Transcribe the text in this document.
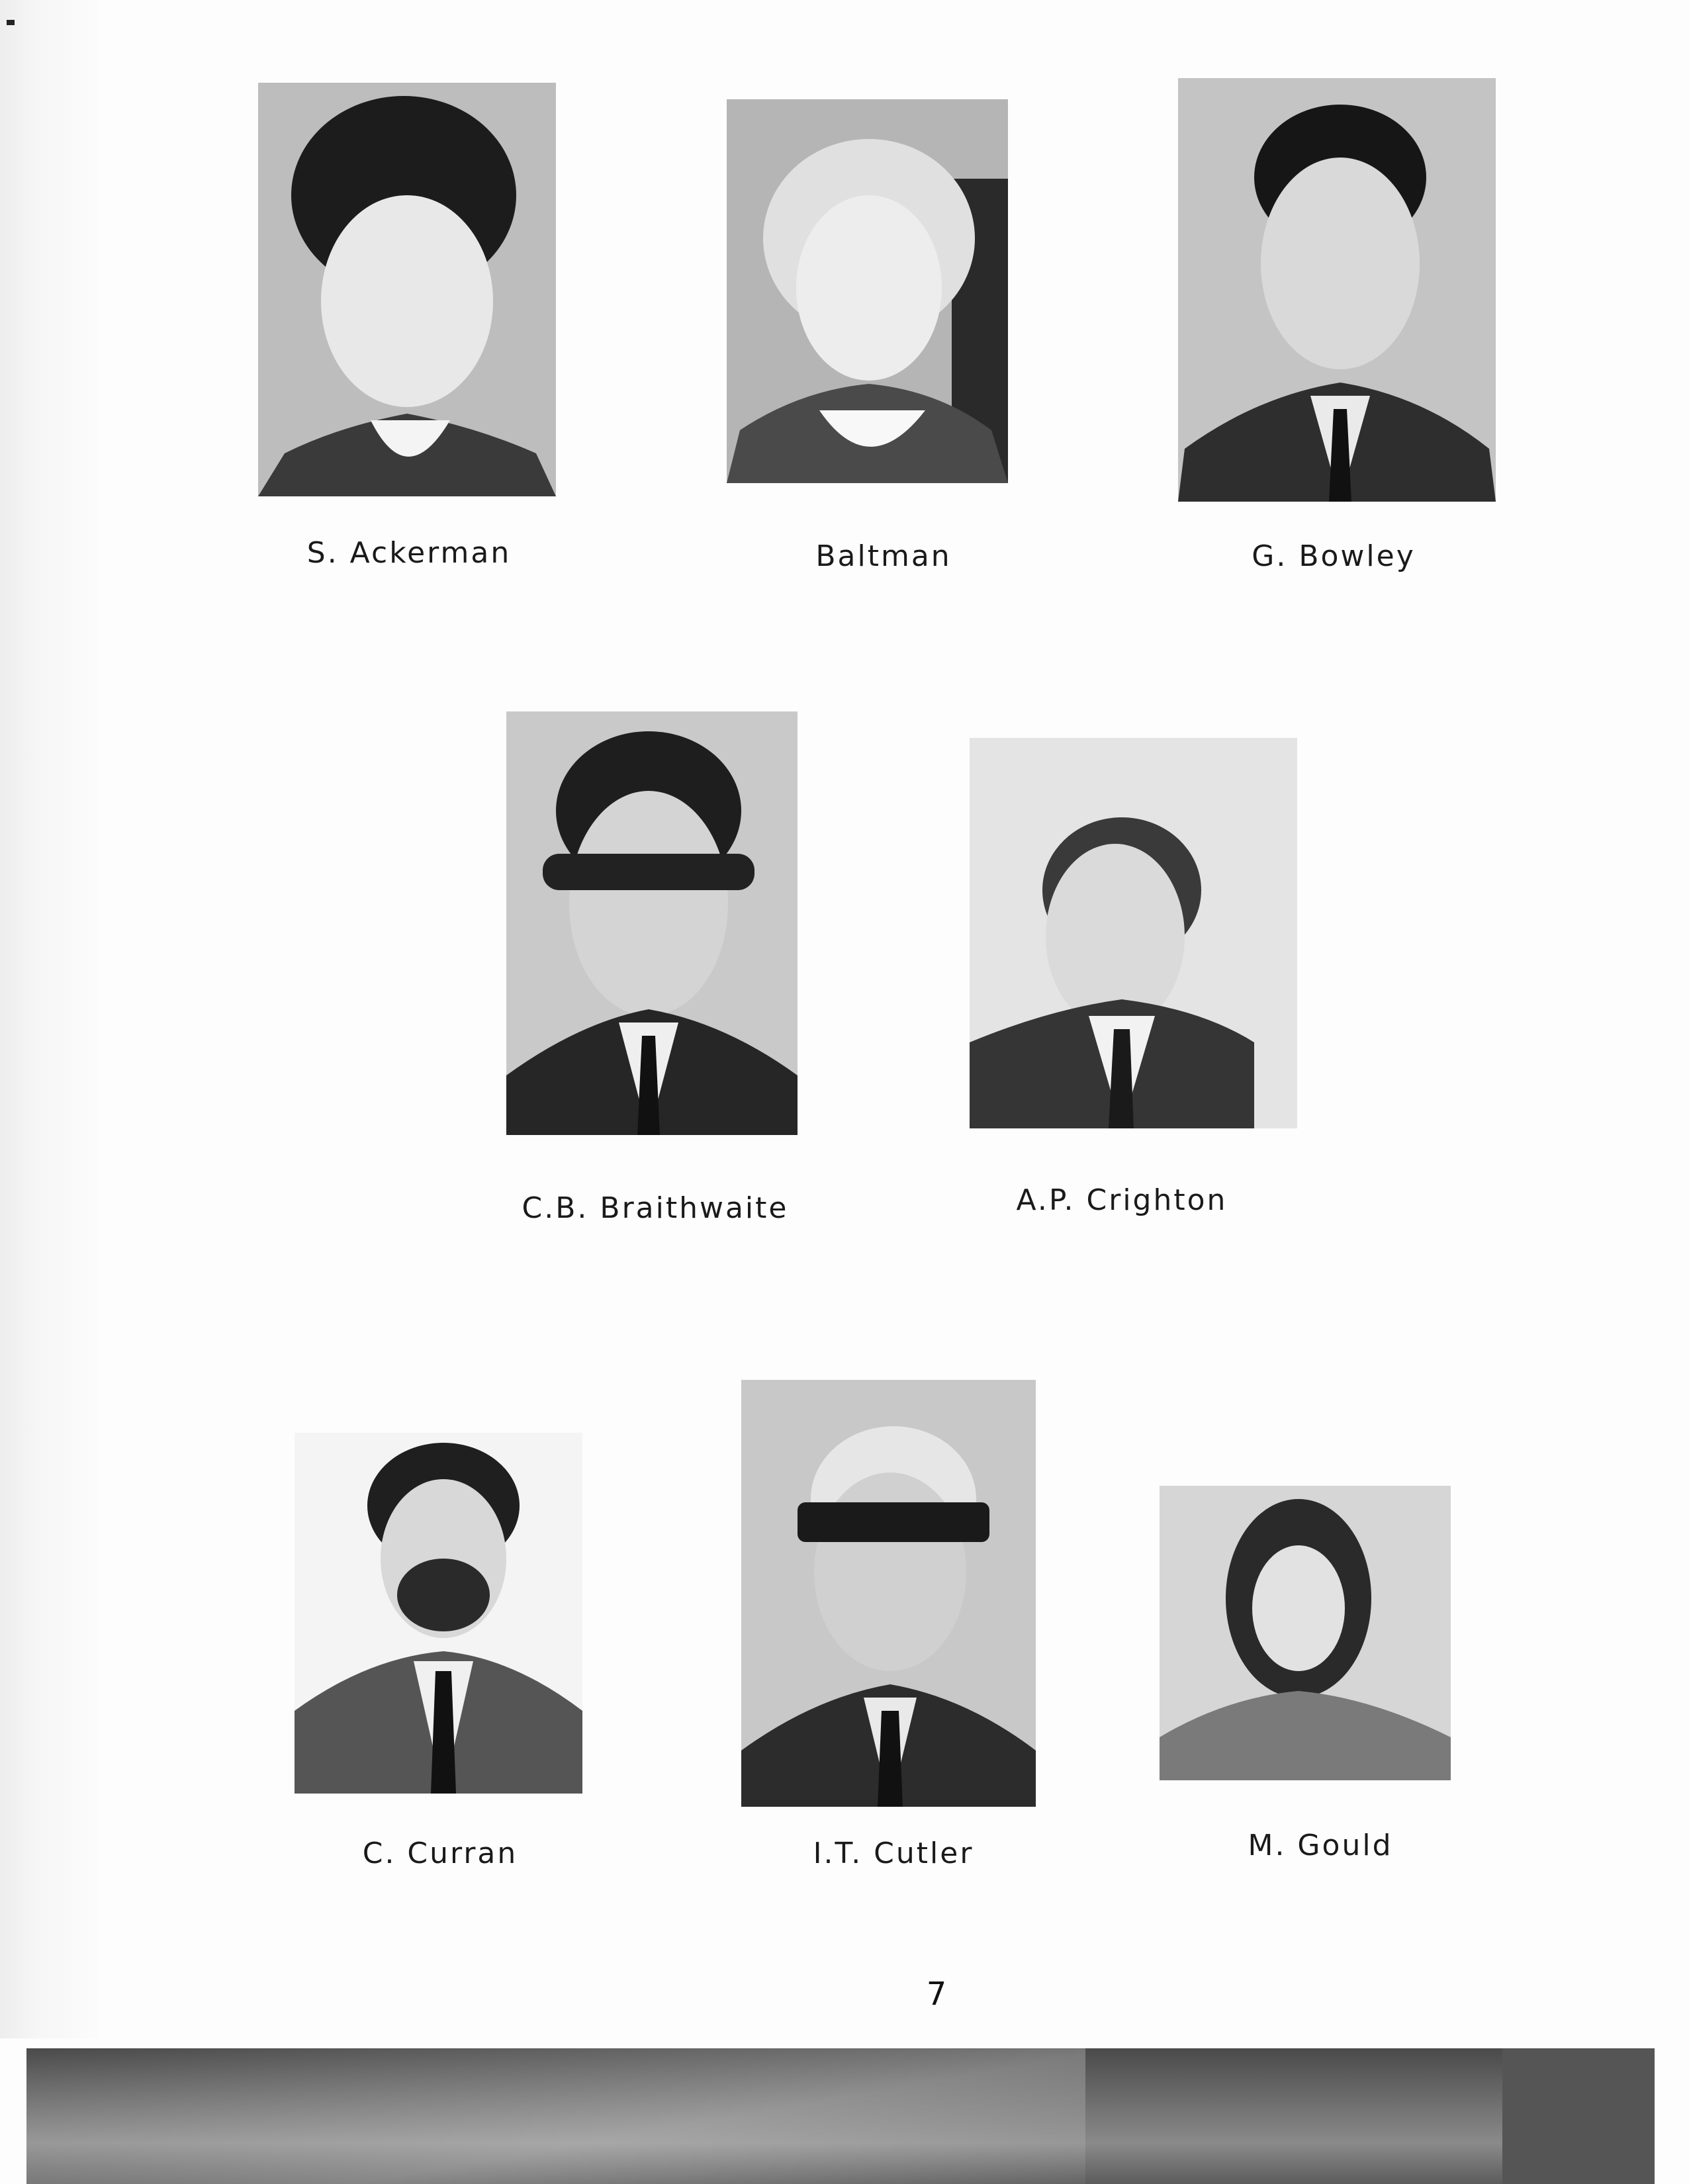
S. Ackerman	Baltman	G. Bowley
C.B. Braithwaite	A.P. Crighton
C. Curran	I.T. Cutler	M. Gould
7
